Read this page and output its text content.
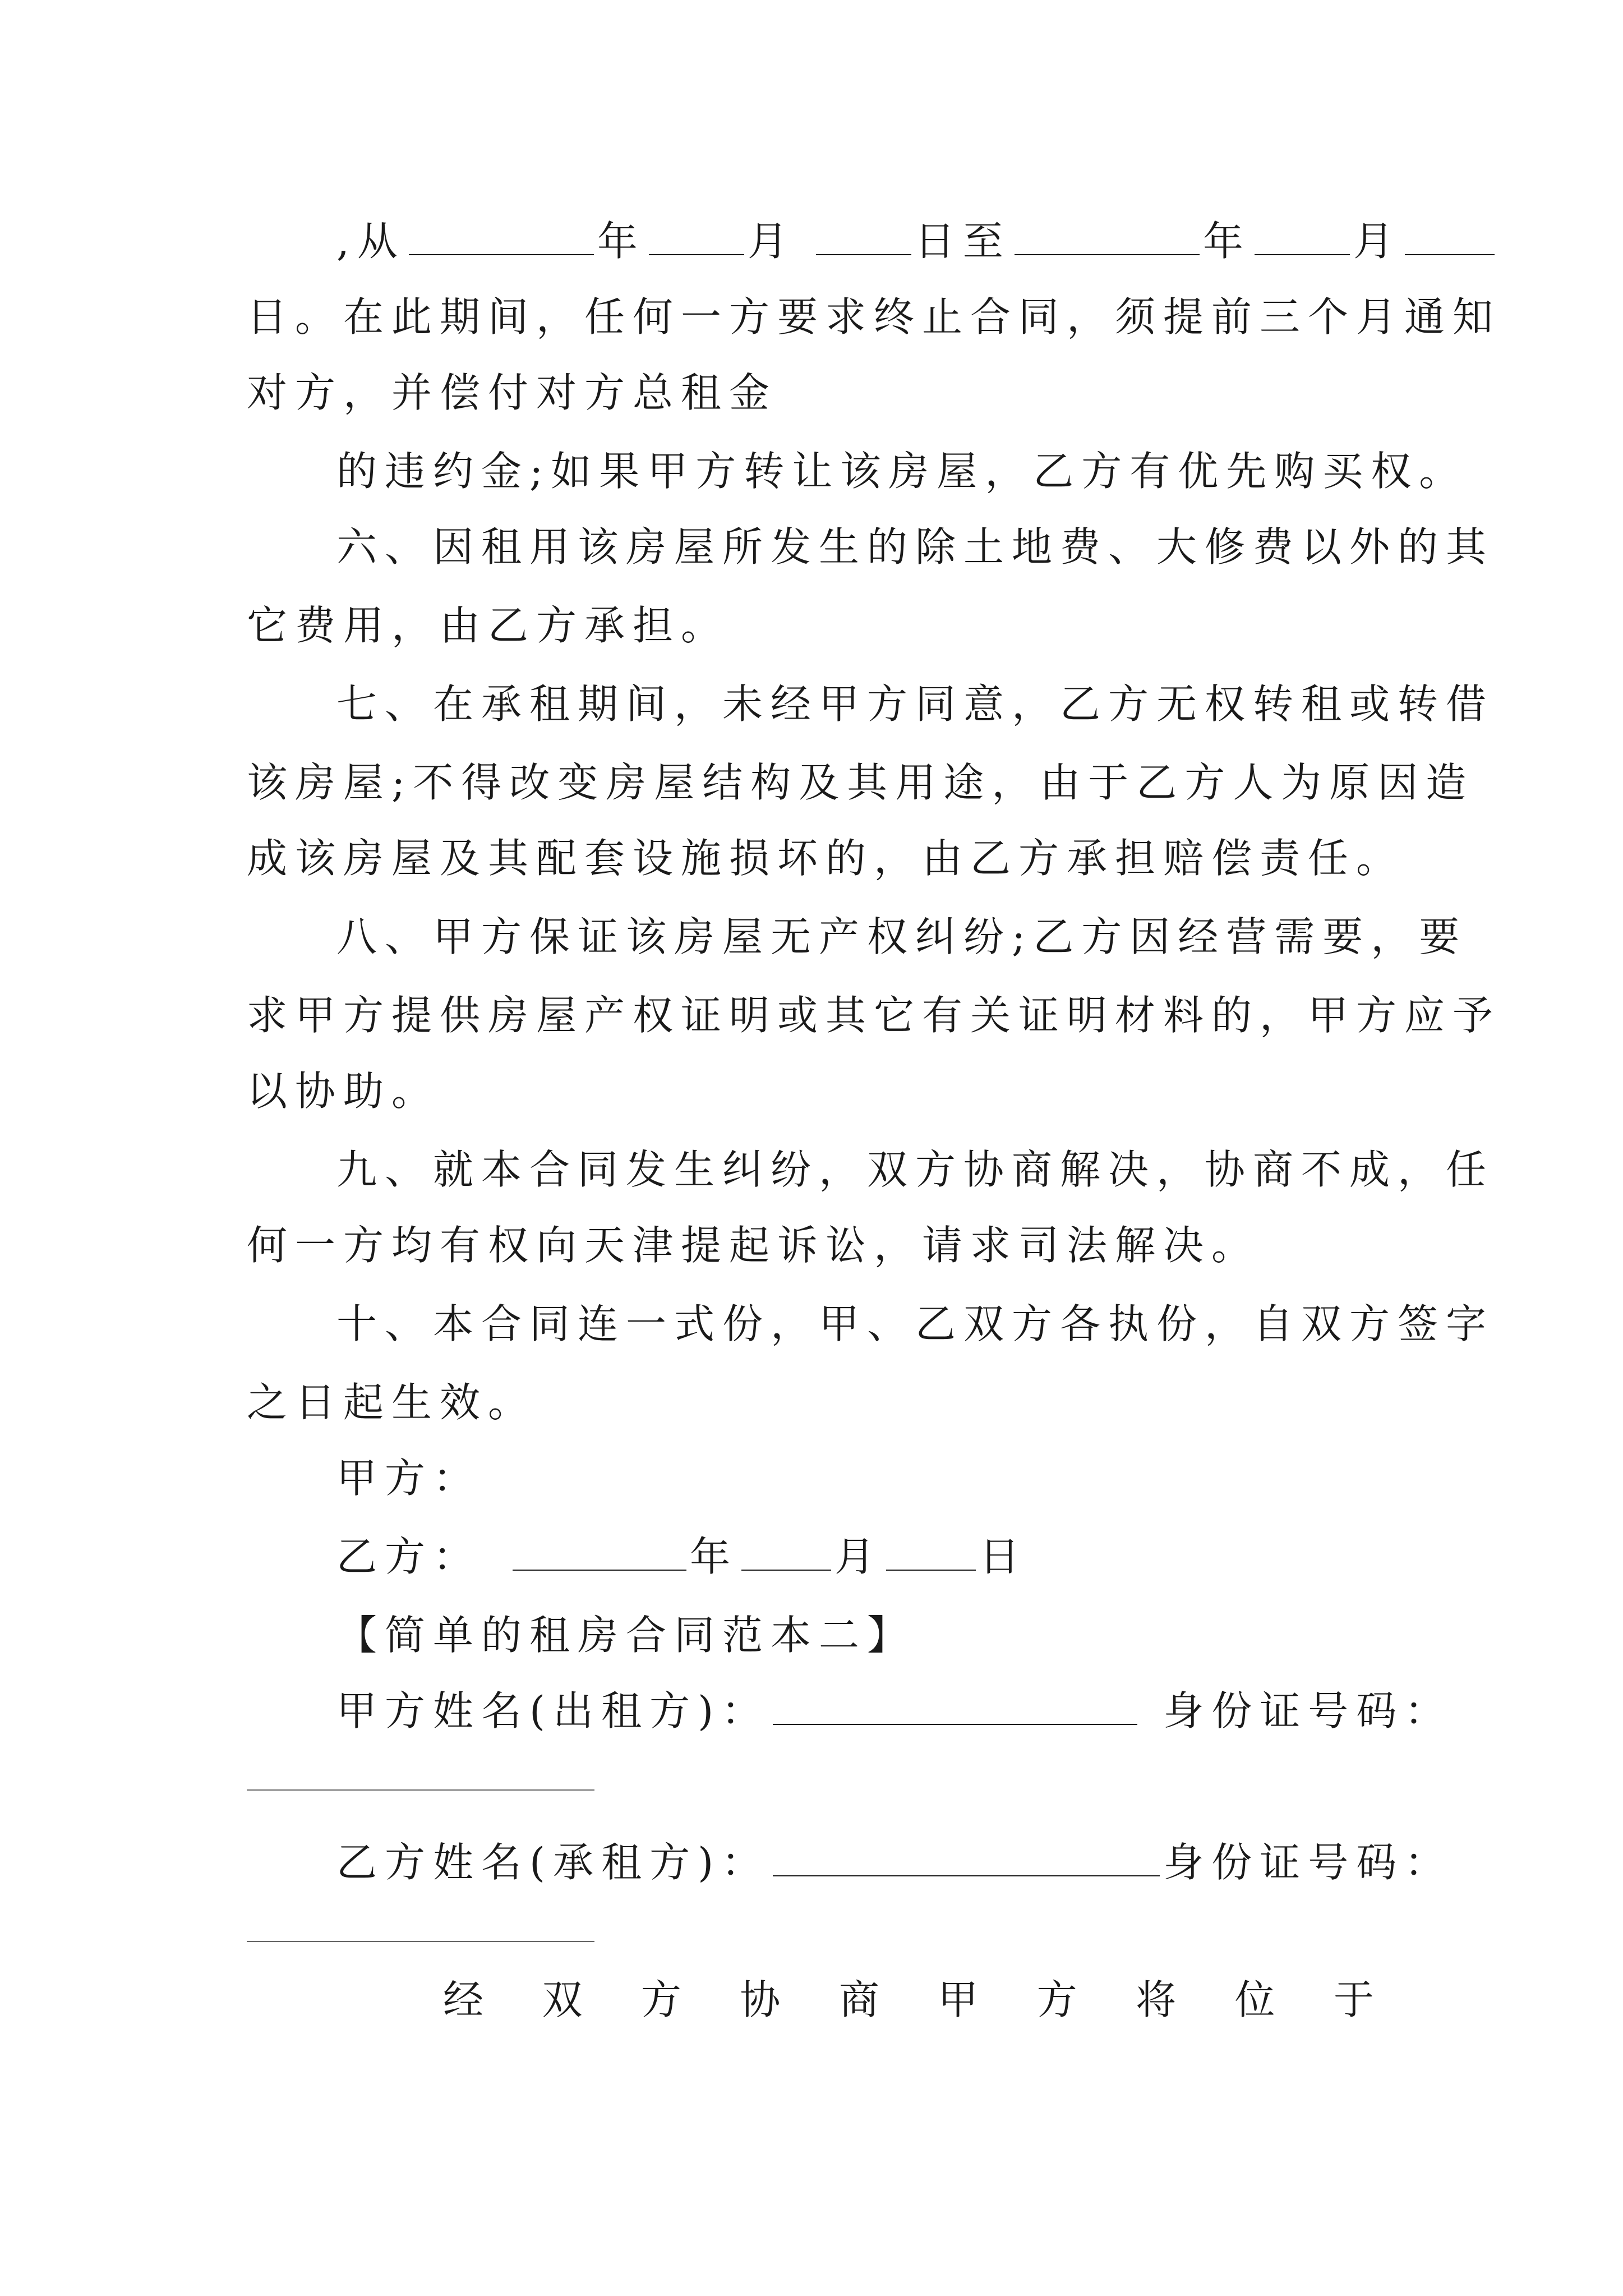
,从	年	月	日至	年	月
日。在此期间，任何一方要求终止合同，须提前三个月通知
对方，并偿付对方总租金
的违约金;如果甲方转让该房屋，乙方有优先购买权。
六、因租用该房屋所发生的除土地费、大修费以外的其
它费用，由乙方承担。
七、在承租期间，未经甲方同意，乙方无权转租或转借
该房屋;不得改变房屋结构及其用途，由于乙方人为原因造
成该房屋及其配套设施损坏的，由乙方承担赔偿责任。
八、甲方保证该房屋无产权纠纷;乙方因经营需要，要
求甲方提供房屋产权证明或其它有关证明材料的，甲方应予
以协助。
九、就本合同发生纠纷，双方协商解决，协商不成，任
何一方均有权向天津提起诉讼，请求司法解决。
十、本合同连一式份，甲、乙双方各执份，自双方签字
之日起生效。
甲方：
乙方：	年 月 日
【简单的租房合同范本二】
甲方姓名(出租方)：	身份证号码：
乙方姓名(承租方)：	身份证号码：
经 双 方 协 商 甲 方 将 位 于
